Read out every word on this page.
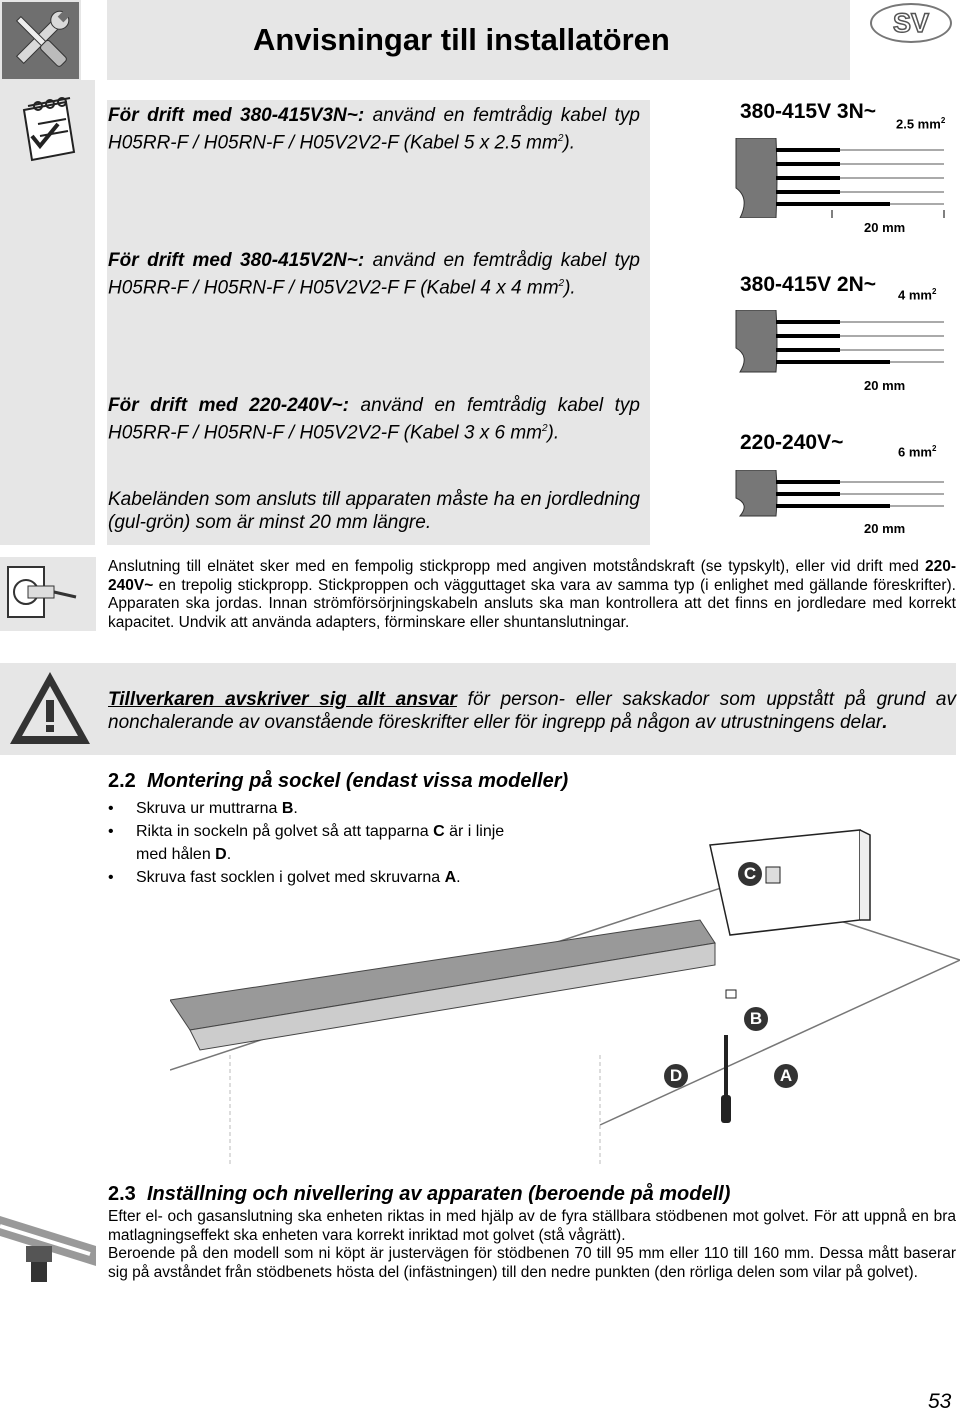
Anvisningar till installatören	SV
För drift med 380-415V3N~: använd en femtrådig kabel typ H05RR-F / H05RN-F / H05V2V2-F (Kabel 5 x 2.5 $mm^2$).
För drift med 380-415V2N~: använd en femtrådig kabel typ H05RR-F / H05RN-F / H05V2V2-F F (Kabel 4 x 4 $mm^2$).
För drift med 220-240V~: använd en femtrådig kabel typ H05RR-F / H05RN-F / H05V2V2-F (Kabel 3 x 6 $mm^2$).
Kabeländen som ansluts till apparaten måste ha en jordledning (gul-grön) som är minst 20 mm längre.
380-415V 3N~
2.5 $mm^2$
20 mm
380-415V 2N~ 4 $mm^2$
20 mm
220-240V~	6 $mm^2$
20 mm
Anslutning till elnätet sker med en fempolig stickpropp med angiven motståndskraft (se typskylt), eller vid drift med 220-240V~ en trepolig stickpropp. Stickproppen och vägguttaget ska vara av samma typ (i enlighet med gällande föreskrifter). Apparaten ska jordas. Innan strömförsörjningskabeln ansluts ska man kontrollera att det finns en jordledare med korrekt kapacitet. Undvik att använda adapters, förminskare eller shuntanslutningar.
Tillverkaren avskriver sig allt ansvar för person- eller sakskador som uppstått på grund av nonchalerande av ovanstående föreskrifter eller för ingrepp på någon av utrustningens delar.
2.2 Montering på sockel (endast vissa modeller)
• Skruva ur muttrarna B.
• Rikta in sockeln på golvet så att tapparna C är i linje med hålen D.
• Skruva fast socklen i golvet med skruvarna A.	C
B
D	A
2.3 Inställning och nivellering av apparaten (beroende på modell)
Efter el- och gasanslutning ska enheten riktas in med hjälp av de fyra ställbara stödbenen mot golvet. För att uppnå en bra matlagningseffekt ska enheten vara korrekt inriktad mot golvet (stå vågrätt).
Beroende på den modell som ni köpt är justervägen för stödbenen 70 till 95 mm eller 110 till 160 mm. Dessa mått baserar sig på avståndet från stödbenets hösta del (infästningen) till den nedre punkten (den rörliga delen som vilar på golvet).
53
